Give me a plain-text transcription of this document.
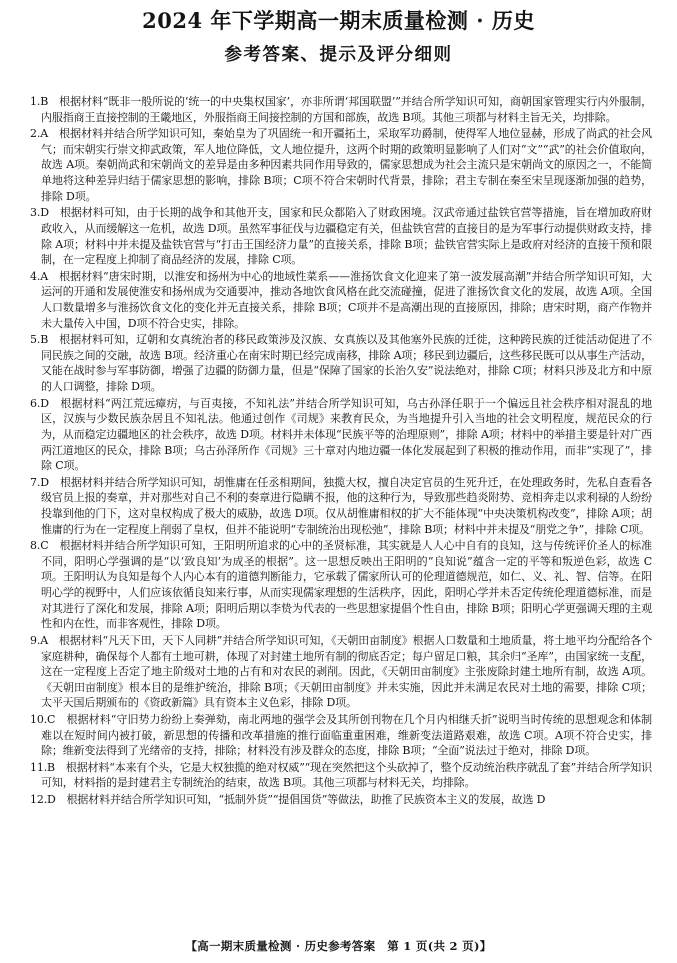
2024 年下学期高一期末质量检测 · 历史
参考答案、提示及评分细则

1.B　 根据材料“既非一般所说的‘统一的中央集权国家’，亦非所谓‘邦国联盟’”并结合所学知识可知，商朝国家管理实行内外服制，内服指商王直接控制的王畿地区，外服指商王间接控制的方国和部族，故选 B项。其他三项都与材料主旨无关，均排除。

2.A　 根据材料并结合所学知识可知，秦始皇为了巩固统一和开疆拓土，采取军功爵制，使得军人地位显赫，形成了尚武的社会风气；而宋朝实行崇文抑武政策，军人地位降低，文人地位提升，这两个时期的政策明显影响了人们对“文”“武”的社会价值取向，故选 A项。秦朝尚武和宋朝尚文的差异是由多种因素共同作用导致的，儒家思想成为社会主流只是宋朝尚文的原因之一，不能简单地将这种差异归结于儒家思想的影响，排除 B项；C项不符合宋朝时代背景，排除；君主专制在秦至宋呈现逐渐加强的趋势，排除 D项。

3.D　 根据材料可知，由于长期的战争和其他开支，国家和民众都陷入了财政困境。汉武帝通过盐铁官营等措施，旨在增加政府财政收入，从而缓解这一危机，故选 D项。虽然军事征伐与边疆稳定有关，但盐铁官营的直接目的是为军事行动提供财政支持，排除 A项；材料中并未提及盐铁官营与“打击王国经济力量”的直接关系，排除 B项；盐铁官营实际上是政府对经济的直接干预和限制，在一定程度上抑制了商品经济的发展，排除 C项。

4.A　 根据材料“唐宋时期，以淮安和扬州为中心的地域性菜系——淮扬饮食文化迎来了第一波发展高潮”并结合所学知识可知，大运河的开通和发展使淮安和扬州成为交通要冲，推动各地饮食风格在此交流碰撞，促进了淮扬饮食文化的发展，故选 A项。全国人口数量增多与淮扬饮食文化的变化并无直接关系，排除 B项；C项并不是高潮出现的直接原因，排除；唐宋时期，商产作物并未大量传入中国，D项不符合史实，排除。

5.B　 根据材料可知，辽朝和女真统治者的移民政策涉及汉族、女真族以及其他塞外民族的迁徙，这种跨民族的迁徙活动促进了不同民族之间的交融，故选 B项。经济重心在南宋时期已经完成南移，排除 A项；移民到边疆后，这些移民既可以从事生产活动，又能在战时参与军事防御，增强了边疆的防御力量，但是“保障了国家的长治久安”说法绝对，排除 C项；材料只涉及北方和中原的人口调整，排除 D项。

6.D　 根据材料“两江荒远瘴疠，与百夷接，不知礼法”并结合所学知识可知，乌古孙泽任职于一个偏远且社会秩序相对混乱的地区，汉族与少数民族杂居且不知礼法。他通过创作《司规》来教育民众，为当地提升引入当地的社会文明程度，规范民众的行为，从而稳定边疆地区的社会秩序，故选 D项。材料并未体现“民族平等的治理原则”，排除 A项；材料中的举措主要是针对广西两江道地区的民众，排除 B项；乌古孙泽所作《司规》三十章对内地边疆一体化发展起到了积极的推动作用，而非“实现了”，排除 C项。

7.D　 根据材料并结合所学知识可知，胡惟庸在任丞相期间，独揽大权，擅自决定官员的生死升迁，在处理政务时，先私自查看各级官员上报的奏章，并对那些对自己不利的奏章进行隐瞒不报，他的这种行为，导致那些趋炎附势、竞相奔走以求利禄的人纷纷投靠到他的门下，这对皇权构成了极大的威胁，故选 D项。仅从胡惟庸相权的扩大不能体现“中央决策机构改变”，排除 A项；胡惟庸的行为在一定程度上削弱了皇权，但并不能说明“专制统治出现松弛”，排除 B项；材料中并未提及“朋党之争”，排除 C项。

8.C　 根据材料并结合所学知识可知，王阳明所追求的心中的圣贤标准，其实就是人人心中自有的良知，这与传统评价圣人的标准不同，阳明心学强调的是“以‘致良知’为成圣的根据”。这一思想反映出王阳明的“良知说”蕴含一定的平等和叛逆色彩，故选 C项。王阳明认为良知是每个人内心本有的道德判断能力，它承载了儒家所认可的伦理道德规范，如仁、义、礼、智、信等。在阳明心学的视野中，人们应该依循良知来行事，从而实现儒家理想的生活秩序，因此，阳明心学并未否定传统伦理道德标准，而是对其进行了深化和发展，排除 A项；阳明后期以李贽为代表的一些思想家提倡个性自由，排除 B项；阳明心学更强调天理的主观性和内在性，而非客观性，排除 D项。

9.A　 根据材料“凡天下田，天下人同耕”并结合所学知识可知，《天朝田亩制度》根据人口数量和土地质量，将土地平均分配给各个家庭耕种，确保每个人都有土地可耕，体现了对封建土地所有制的彻底否定；每户留足口粮，其余归“圣库”，由国家统一支配，这在一定程度上否定了地主阶级对土地的占有和对农民的剥削。因此，《天朝田亩制度》主张废除封建土地所有制，故选 A项。《天朝田亩制度》根本目的是维护统治，排除 B项；《天朝田亩制度》并未实施，因此并未满足农民对土地的需要，排除 C项；太平天国后期颁布的《资政新篇》具有资本主义色彩，排除 D项。

10.C　 根据材料“守旧势力纷纷上奏弹劾，南北两地的强学会及其所创刊物在几个月内相继夭折”说明当时传统的思想观念和体制难以在短时间内被打破，新思想的传播和改革措施的推行面临重重困难，维新变法道路艰难，故选 C项。A项不符合史实，排除；维新变法得到了光绪帝的支持，排除；材料没有涉及群众的态度，排除 B项；“全面”说法过于绝对，排除 D项。

11.B　 根据材料“本来有个头，它是大权独揽的绝对权威”“现在突然把这个头砍掉了，整个反动统治秩序就乱了套”并结合所学知识可知，材料指的是封建君主专制统治的结束，故选 B项。其他三项都与材料无关，均排除。

12.D　 根据材料并结合所学知识可知，“抵制外货”“提倡国货”等做法，助推了民族资本主义的发展，故选 D

【高一期末质量检测 · 历史参考答案　第 1 页(共 2 页)】
